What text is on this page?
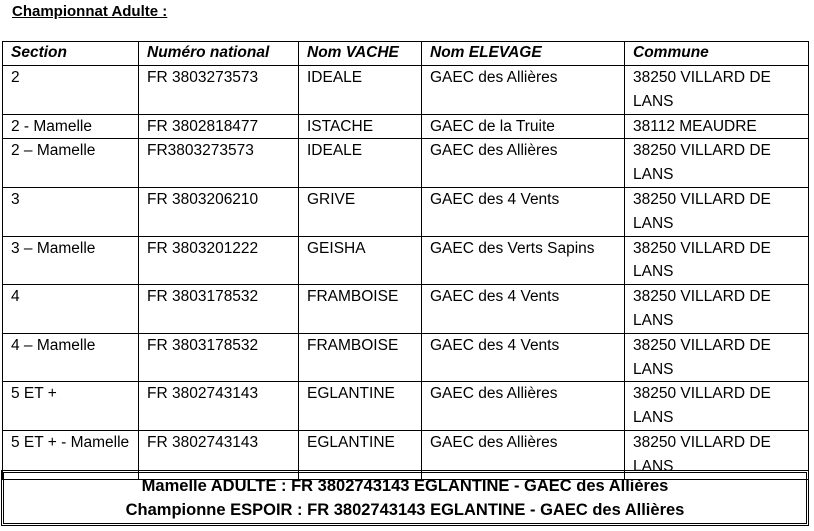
Championnat Adulte :
Section	Numéro national	Nom VACHE	Nom ELEVAGE	Commune
2	FR 3803273573	IDEALE	GAEC des Allières	38250 VILLARD DE LANS
2 - Mamelle	FR 3802818477	ISTACHE	GAEC de la Truite	38112 MEAUDRE
2 – Mamelle	FR3803273573	IDEALE	GAEC des Allières	38250 VILLARD DE LANS
3	FR 3803206210	GRIVE	GAEC des 4 Vents	38250 VILLARD DE LANS
3 – Mamelle	FR 3803201222	GEISHA	GAEC des Verts Sapins	38250 VILLARD DE LANS
4	FR 3803178532	FRAMBOISE	GAEC des 4 Vents	38250 VILLARD DE LANS
4 – Mamelle	FR 3803178532	FRAMBOISE	GAEC des 4 Vents	38250 VILLARD DE LANS
5 ET +	FR 3802743143	EGLANTINE	GAEC des Allières	38250 VILLARD DE LANS
5 ET + - Mamelle	FR 3802743143	EGLANTINE	GAEC des Allières	38250 VILLARD DE LANS
Mamelle ADULTE : FR 3802743143 EGLANTINE - GAEC des Allières
Championne ESPOIR : FR 3802743143 EGLANTINE - GAEC des Allières
